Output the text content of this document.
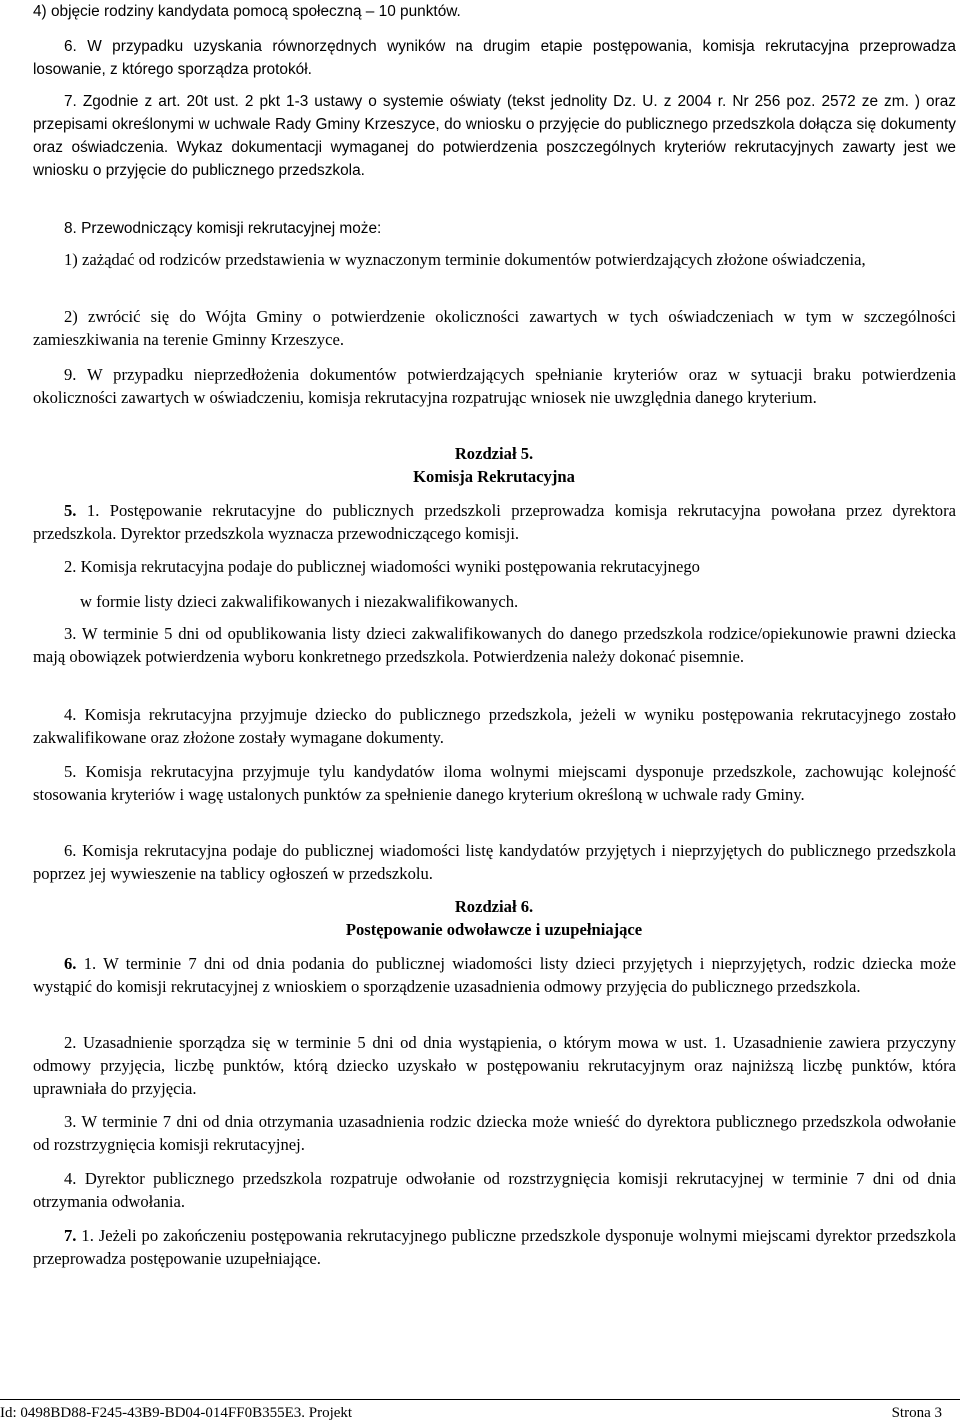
4) objęcie rodziny kandydata pomocą społeczną – 10 punktów.

6. W przypadku uzyskania równorzędnych wyników na drugim etapie postępowania, komisja rekrutacyjna przeprowadza losowanie, z którego sporządza protokół.

7. Zgodnie z art. 20t ust. 2 pkt 1-3 ustawy o systemie oświaty (tekst jednolity Dz. U. z 2004 r. Nr 256 poz. 2572 ze zm. ) oraz przepisami określonymi w uchwale Rady Gminy Krzeszyce, do wniosku o przyjęcie do publicznego przedszkola dołącza się dokumenty oraz oświadczenia. Wykaz dokumentacji wymaganej do potwierdzenia poszczególnych kryteriów rekrutacyjnych zawarty jest we wniosku o przyjęcie do publicznego przedszkola.

8. Przewodniczący komisji rekrutacyjnej może:

1) zażądać od rodziców przedstawienia w wyznaczonym terminie dokumentów potwierdzających złożone oświadczenia,

2) zwrócić się do Wójta Gminy o potwierdzenie okoliczności zawartych w tych oświadczeniach w tym w szczególności zamieszkiwania na terenie Gminny Krzeszyce.

9. W przypadku nieprzedłożenia dokumentów potwierdzających spełnianie kryteriów oraz w sytuacji braku potwierdzenia okoliczności zawartych w oświadczeniu, komisja rekrutacyjna rozpatrując wniosek nie uwzględnia danego kryterium.

Rozdział 5.

Komisja Rekrutacyjna

5. 1. Postępowanie rekrutacyjne do publicznych przedszkoli przeprowadza komisja rekrutacyjna powołana przez dyrektora przedszkola. Dyrektor przedszkola wyznacza przewodniczącego komisji.

2. Komisja rekrutacyjna podaje do publicznej wiadomości wyniki postępowania rekrutacyjnego

w formie listy dzieci zakwalifikowanych i niezakwalifikowanych.

3. W terminie 5 dni od opublikowania listy dzieci zakwalifikowanych do danego przedszkola rodzice/opiekunowie prawni dziecka mają obowiązek potwierdzenia wyboru konkretnego przedszkola. Potwierdzenia należy dokonać pisemnie.

4. Komisja rekrutacyjna przyjmuje dziecko do publicznego przedszkola, jeżeli w wyniku postępowania rekrutacyjnego zostało zakwalifikowane oraz złożone zostały wymagane dokumenty.

5. Komisja rekrutacyjna przyjmuje tylu kandydatów iloma wolnymi miejscami dysponuje przedszkole, zachowując kolejność stosowania kryteriów i wagę ustalonych punktów za spełnienie danego kryterium określoną w uchwale rady Gminy.

6. Komisja rekrutacyjna podaje do publicznej wiadomości listę kandydatów przyjętych i nieprzyjętych do publicznego przedszkola poprzez jej wywieszenie na tablicy ogłoszeń w przedszkolu.

Rozdział 6.

Postępowanie odwoławcze i uzupełniające

6. 1. W terminie 7 dni od dnia podania do publicznej wiadomości listy dzieci przyjętych i nieprzyjętych, rodzic dziecka może wystąpić do komisji rekrutacyjnej z wnioskiem o sporządzenie uzasadnienia odmowy przyjęcia do publicznego przedszkola.

2. Uzasadnienie sporządza się w terminie 5 dni od dnia wystąpienia, o którym mowa w ust. 1. Uzasadnienie zawiera przyczyny odmowy przyjęcia, liczbę punktów, którą dziecko uzyskało w postępowaniu rekrutacyjnym oraz najniższą liczbę punktów, która uprawniała do przyjęcia.

3. W terminie 7 dni od dnia otrzymania uzasadnienia rodzic dziecka może wnieść do dyrektora publicznego przedszkola odwołanie od rozstrzygnięcia komisji rekrutacyjnej.

4. Dyrektor publicznego przedszkola rozpatruje odwołanie od rozstrzygnięcia komisji rekrutacyjnej w terminie 7 dni od dnia otrzymania odwołania.

7. 1. Jeżeli po zakończeniu postępowania rekrutacyjnego publiczne przedszkole dysponuje wolnymi miejscami dyrektor przedszkola przeprowadza postępowanie uzupełniające.

Id: 0498BD88-F245-43B9-BD04-014FF0B355E3. Projekt	Strona 3
